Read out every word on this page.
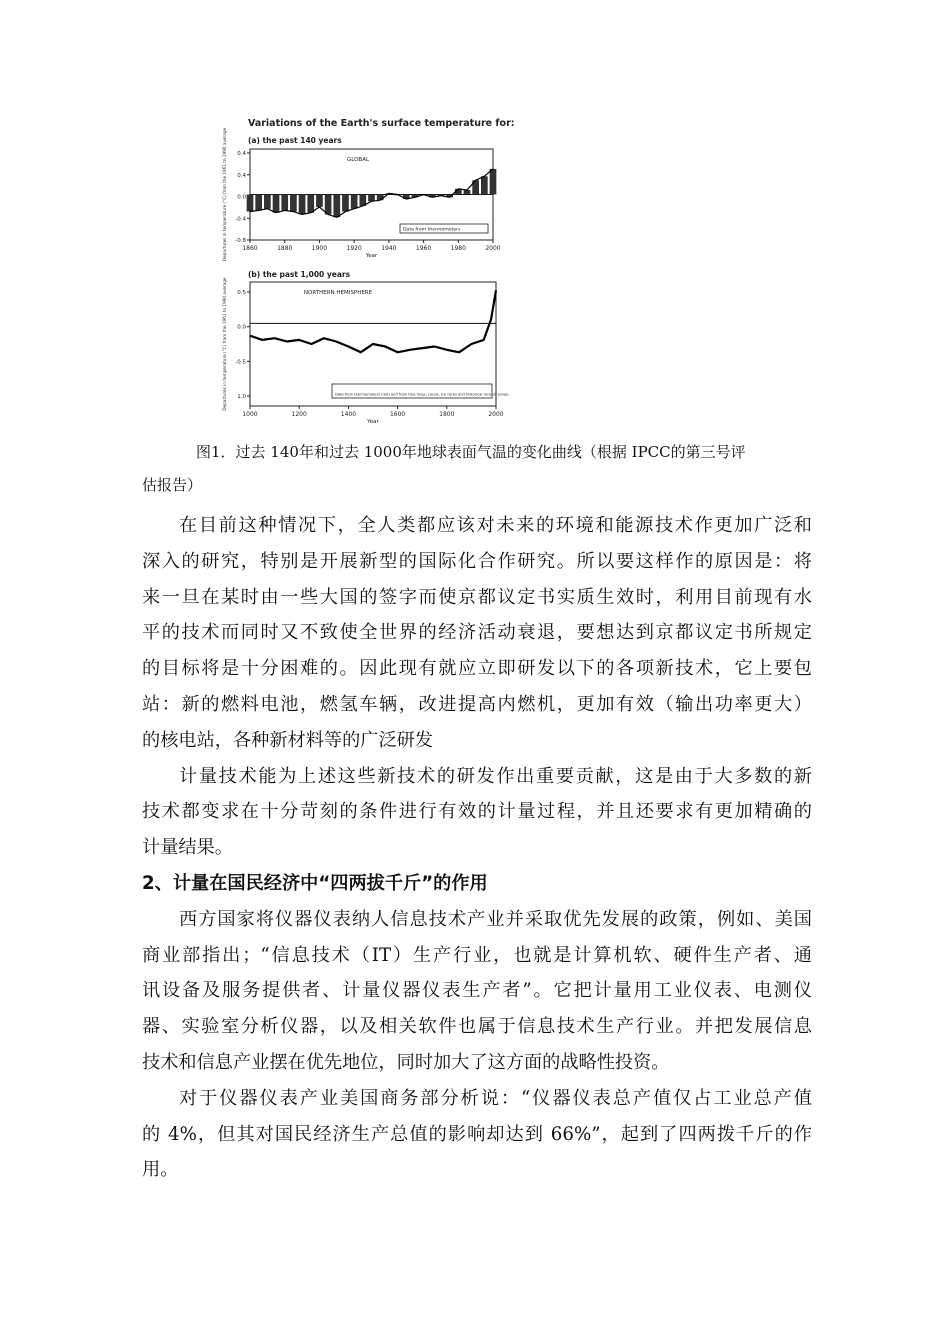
Variations of the Earth's surface temperature for:
(a) the past 140 years
1860	1880	1900	1920	1940	1960	1980	2000
0.4
0.4
0.0
-0.4
-0.8
Year
Departures in temperature (°C) from the 1961 to 1990 average	GLOBAL
Data from thermometers
(b) the past 1,000 years
1000	1200	1400	1600	1800	2000
0.5
0.0
-0.5
1.0
Year
Departures in temperature (°C) from the 1961 to 1990 average	NORTHERN HEMISPHERE
Data from thermometers (red) and from tree rings, corals, ice cores and historical records (blue).
图1．过去 140年和过去 1000年地球表面气温的变化曲线（根据 IPCC的第三号评
估报告）
在目前这种情况下，全人类都应该对未来的环境和能源技术作更加广泛和
深入的研究，特别是开展新型的国际化合作研究。所以要这样作的原因是：将
来一旦在某时由一些大国的签字而使京都议定书实质生效时，利用目前现有水
平的技术而同时又不致使全世界的经济活动衰退，要想达到京都议定书所规定
的目标将是十分困难的。因此现有就应立即研发以下的各项新技术，它上要包
站：新的燃料电池，燃氢车辆，改进提高内燃机，更加有效（输出功率更大）
的核电站，各种新材料等的广泛研发
计量技术能为上述这些新技术的研发作出重要贡献，这是由于大多数的新
技术都变求在十分苛刻的条件进行有效的计量过程，并且还要求有更加精确的
计量结果。
2、计量在国民经济中“四两拔千斤”的作用
西方国家将仪器仪表纳人信息技术产业并采取优先发展的政策，例如、美国
商业部指出；“信息技术（IT）生产行业，也就是计算机软、硬件生产者、通
讯设备及服务提供者、计量仪器仪表生产者”。它把计量用工业仪表、电测仪
器、实验室分析仪器，以及相关软件也属于信息技术生产行业。并把发展信息
技术和信息产业摆在优先地位，同时加大了这方面的战略性投资。
对于仪器仪表产业美国商务部分析说：“仪器仪表总产值仅占工业总产值
的 4%，但其对国民经济生产总值的影响却达到 66%”，起到了四两拨千斤的作
用。
